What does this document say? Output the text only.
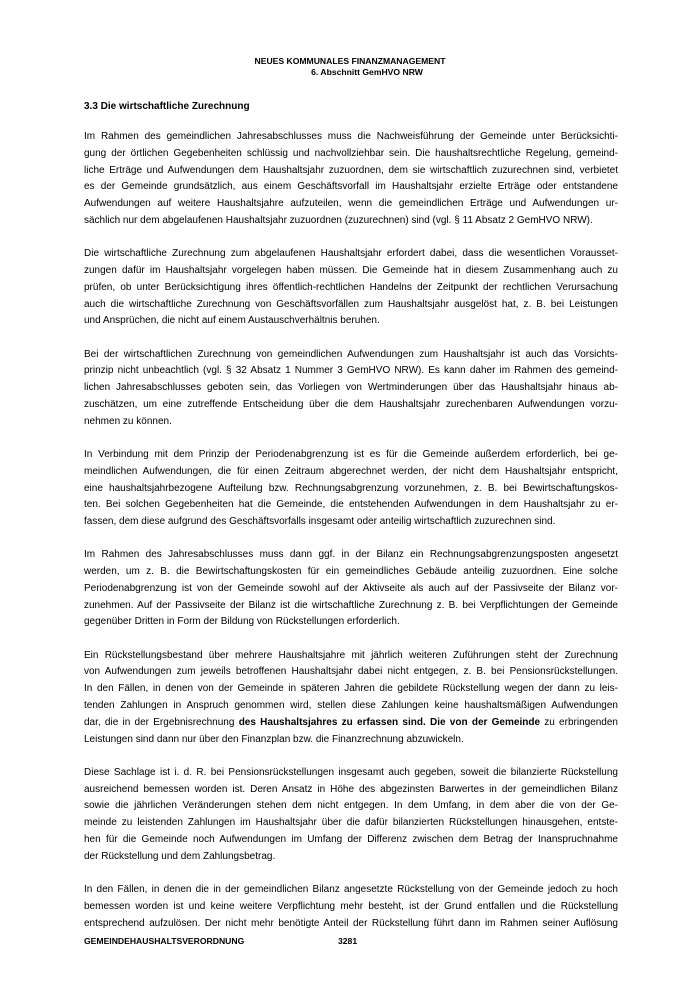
NEUES KOMMUNALES FINANZMANAGEMENT
6. Abschnitt GemHVO NRW
3.3 Die wirtschaftliche Zurechnung

Im Rahmen des gemeindlichen Jahresabschlusses muss die Nachweisführung der Gemeinde unter Berücksichti-
gung der örtlichen Gegebenheiten schlüssig und nachvollziehbar sein. Die haushaltsrechtliche Regelung, gemeind-
liche Erträge und Aufwendungen dem Haushaltsjahr zuzuordnen, dem sie wirtschaftlich zuzurechnen sind, verbietet
es der Gemeinde grundsätzlich, aus einem Geschäftsvorfall im Haushaltsjahr erzielte Erträge oder entstandene
Aufwendungen auf weitere Haushaltsjahre aufzuteilen, wenn die gemeindlichen Erträge und Aufwendungen ur-
sächlich nur dem abgelaufenen Haushaltsjahr zuzuordnen (zuzurechnen) sind (vgl. § 11 Absatz 2 GemHVO NRW).

Die wirtschaftliche Zurechnung zum abgelaufenen Haushaltsjahr erfordert dabei, dass die wesentlichen Vorausset-
zungen dafür im Haushaltsjahr vorgelegen haben müssen. Die Gemeinde hat in diesem Zusammenhang auch zu
prüfen, ob unter Berücksichtigung ihres öffentlich-rechtlichen Handelns der Zeitpunkt der rechtlichen Verursachung
auch die wirtschaftliche Zurechnung von Geschäftsvorfällen zum Haushaltsjahr ausgelöst hat, z. B. bei Leistungen
und Ansprüchen, die nicht auf einem Austauschverhältnis beruhen.

Bei der wirtschaftlichen Zurechnung von gemeindlichen Aufwendungen zum Haushaltsjahr ist auch das Vorsichts-
prinzip nicht unbeachtlich (vgl. § 32 Absatz 1 Nummer 3 GemHVO NRW). Es kann daher im Rahmen des gemeind-
lichen Jahresabschlusses geboten sein, das Vorliegen von Wertminderungen über das Haushaltsjahr hinaus ab-
zuschätzen, um eine zutreffende Entscheidung über die dem Haushaltsjahr zurechenbaren Aufwendungen vorzu-
nehmen zu können.

In Verbindung mit dem Prinzip der Periodenabgrenzung ist es für die Gemeinde außerdem erforderlich, bei ge-
meindlichen Aufwendungen, die für einen Zeitraum abgerechnet werden, der nicht dem Haushaltsjahr entspricht,
eine haushaltsjahrbezogene Aufteilung bzw. Rechnungsabgrenzung vorzunehmen, z. B. bei Bewirtschaftungskos-
ten. Bei solchen Gegebenheiten hat die Gemeinde, die entstehenden Aufwendungen in dem Haushaltsjahr zu er-
fassen, dem diese aufgrund des Geschäftsvorfalls insgesamt oder anteilig wirtschaftlich zuzurechnen sind.

Im Rahmen des Jahresabschlusses muss dann ggf. in der Bilanz ein Rechnungsabgrenzungsposten angesetzt
werden, um z. B. die Bewirtschaftungskosten für ein gemeindliches Gebäude anteilig zuzuordnen. Eine solche
Periodenabgrenzung ist von der Gemeinde sowohl auf der Aktivseite als auch auf der Passivseite der Bilanz vor-
zunehmen. Auf der Passivseite der Bilanz ist die wirtschaftliche Zurechnung z. B. bei Verpflichtungen der Gemeinde
gegenüber Dritten in Form der Bildung von Rückstellungen erforderlich.

Ein Rückstellungsbestand über mehrere Haushaltsjahre mit jährlich weiteren Zuführungen steht der Zurechnung
von Aufwendungen zum jeweils betroffenen Haushaltsjahr dabei nicht entgegen, z. B. bei Pensionsrückstellungen.
In den Fällen, in denen von der Gemeinde in späteren Jahren die gebildete Rückstellung wegen der dann zu leis-
tenden Zahlungen in Anspruch genommen wird, stellen diese Zahlungen keine haushaltsmäßigen Aufwendungen
dar, die in der Ergebnisrechnung des Haushaltsjahres zu erfassen sind. Die von der Gemeinde zu erbringenden
Leistungen sind dann nur über den Finanzplan bzw. die Finanzrechnung abzuwickeln.

Diese Sachlage ist i. d. R. bei Pensionsrückstellungen insgesamt auch gegeben, soweit die bilanzierte Rückstellung
ausreichend bemessen worden ist. Deren Ansatz in Höhe des abgezinsten Barwertes in der gemeindlichen Bilanz
sowie die jährlichen Veränderungen stehen dem nicht entgegen. In dem Umfang, in dem aber die von der Ge-
meinde zu leistenden Zahlungen im Haushaltsjahr über die dafür bilanzierten Rückstellungen hinausgehen, entste-
hen für die Gemeinde noch Aufwendungen im Umfang der Differenz zwischen dem Betrag der Inanspruchnahme
der Rückstellung und dem Zahlungsbetrag.

In den Fällen, in denen die in der gemeindlichen Bilanz angesetzte Rückstellung von der Gemeinde jedoch zu hoch
bemessen worden ist und keine weitere Verpflichtung mehr besteht, ist der Grund entfallen und die Rückstellung
entsprechend aufzulösen. Der nicht mehr benötigte Anteil der Rückstellung führt dann im Rahmen seiner Auflösung

GEMEINDEHAUSHALTSVERORDNUNG	3281
